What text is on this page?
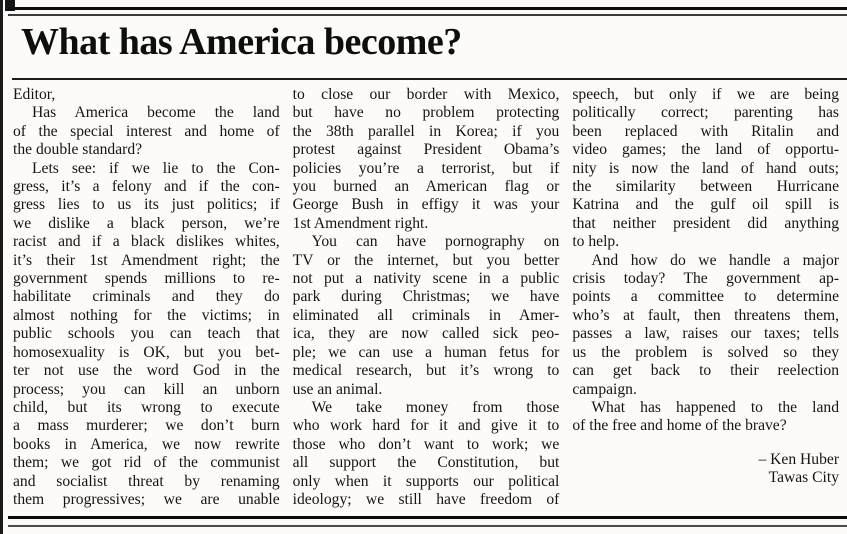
What has America become?
Editor,
Has America become the land
of the special interest and home of
the double standard?
Lets see: if we lie to the Con-
gress, it’s a felony and if the con-
gress lies to us its just politics; if
we dislike a black person, we’re
racist and if a black dislikes whites,
it’s their 1st Amendment right; the
government spends millions to re-
habilitate criminals and they do
almost nothing for the victims; in
public schools you can teach that
homosexuality is OK, but you bet-
ter not use the word God in the
process; you can kill an unborn
child, but its wrong to execute
a mass murderer; we don’t burn
books in America, we now rewrite
them; we got rid of the communist
and socialist threat by renaming
them progressives; we are unable
to close our border with Mexico,
but have no problem protecting
the 38th parallel in Korea; if you
protest against President Obama’s
policies you’re a terrorist, but if
you burned an American flag or
George Bush in effigy it was your
1st Amendment right.
You can have pornography on
TV or the internet, but you better
not put a nativity scene in a public
park during Christmas; we have
eliminated all criminals in Amer-
ica, they are now called sick peo-
ple; we can use a human fetus for
medical research, but it’s wrong to
use an animal.
We take money from those
who work hard for it and give it to
those who don’t want to work; we
all support the Constitution, but
only when it supports our political
ideology; we still have freedom of
speech, but only if we are being
politically correct; parenting has
been replaced with Ritalin and
video games; the land of opportu-
nity is now the land of hand outs;
the similarity between Hurricane
Katrina and the gulf oil spill is
that neither president did anything
to help.
And how do we handle a major
crisis today? The government ap-
points a committee to determine
who’s at fault, then threatens them,
passes a law, raises our taxes; tells
us the problem is solved so they
can get back to their reelection
campaign.
What has happened to the land
of the free and home of the brave?
– Ken Huber
Tawas City
